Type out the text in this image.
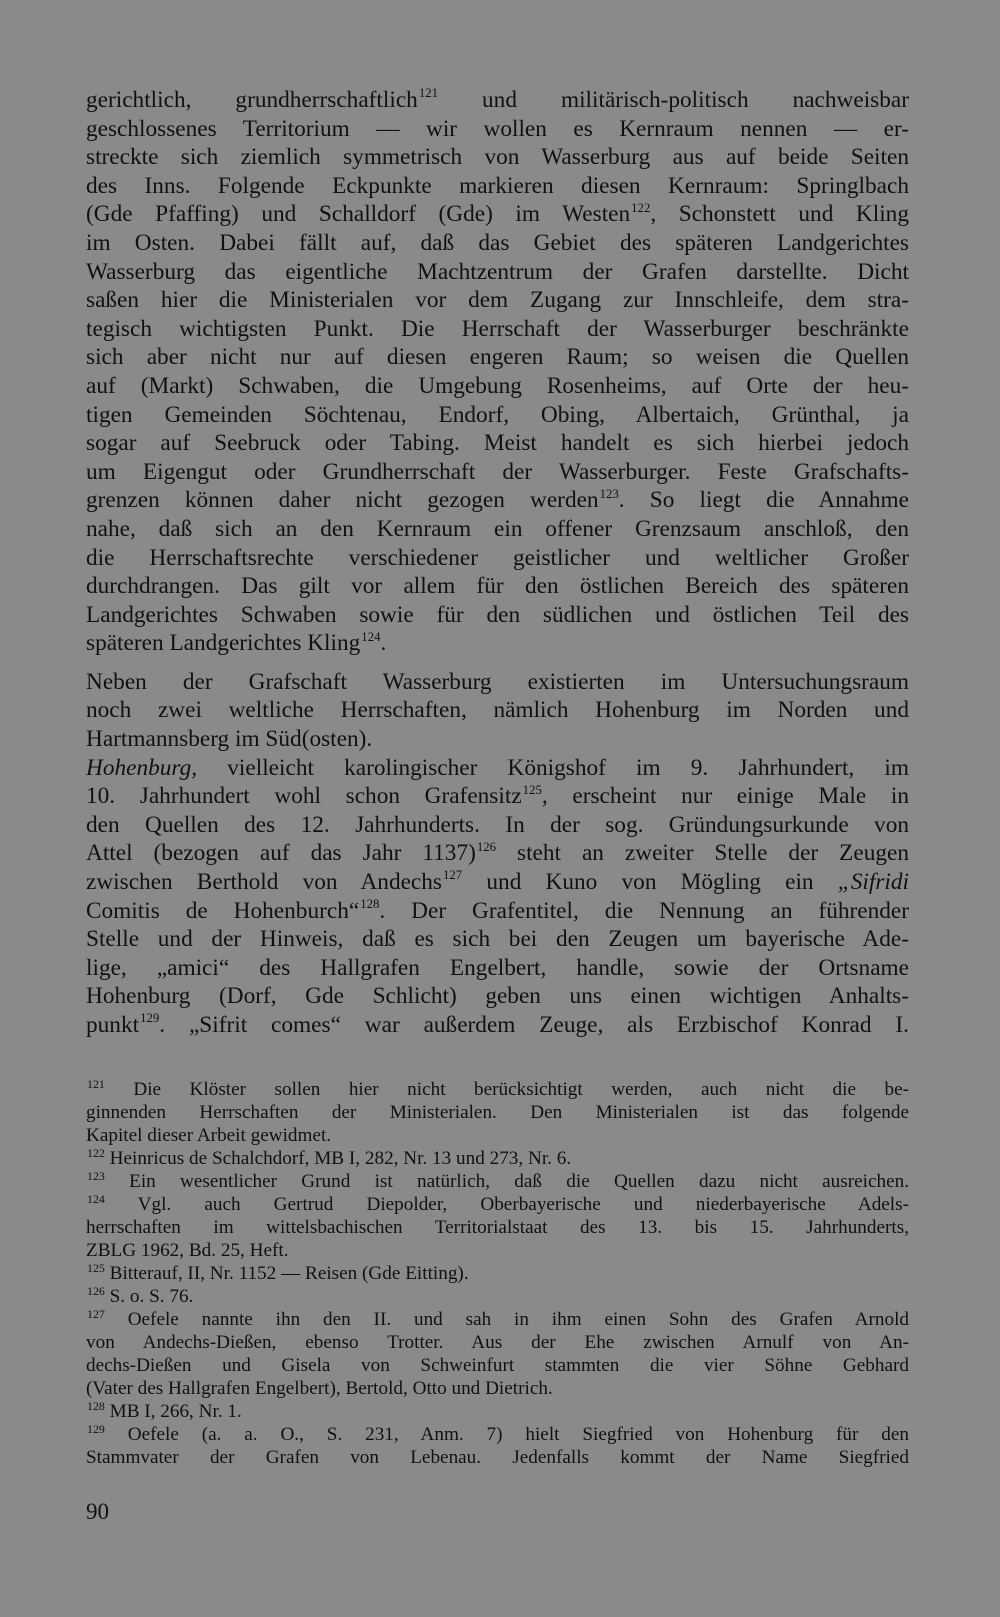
gerichtlich, grundherrschaftlich$^{121}$ und militärisch-politisch nachweisbar
geschlossenes Territorium — wir wollen es Kernraum nennen — er-
streckte sich ziemlich symmetrisch von Wasserburg aus auf beide Seiten
des Inns. Folgende Eckpunkte markieren diesen Kernraum: Springlbach
(Gde Pfaffing) und Schalldorf (Gde) im Westen$^{122}$, Schonstett und Kling
im Osten. Dabei fällt auf, daß das Gebiet des späteren Landgerichtes
Wasserburg das eigentliche Machtzentrum der Grafen darstellte. Dicht
saßen hier die Ministerialen vor dem Zugang zur Innschleife, dem stra-
tegisch wichtigsten Punkt. Die Herrschaft der Wasserburger beschränkte
sich aber nicht nur auf diesen engeren Raum; so weisen die Quellen
auf (Markt) Schwaben, die Umgebung Rosenheims, auf Orte der heu-
tigen Gemeinden Söchtenau, Endorf, Obing, Albertaich, Grünthal, ja
sogar auf Seebruck oder Tabing. Meist handelt es sich hierbei jedoch
um Eigengut oder Grundherrschaft der Wasserburger. Feste Grafschafts-
grenzen können daher nicht gezogen werden$^{123}$. So liegt die Annahme
nahe, daß sich an den Kernraum ein offener Grenzsaum anschloß, den
die Herrschaftsrechte verschiedener geistlicher und weltlicher Großer
durchdrangen. Das gilt vor allem für den östlichen Bereich des späteren
Landgerichtes Schwaben sowie für den südlichen und östlichen Teil des
späteren Landgerichtes Kling$^{124}$.
Neben der Grafschaft Wasserburg existierten im Untersuchungsraum
noch zwei weltliche Herrschaften, nämlich Hohenburg im Norden und
Hartmannsberg im Süd(osten).
Hohenburg, vielleicht karolingischer Königshof im 9. Jahrhundert, im
10. Jahrhundert wohl schon Grafensitz$^{125}$, erscheint nur einige Male in
den Quellen des 12. Jahrhunderts. In der sog. Gründungsurkunde von
Attel (bezogen auf das Jahr 1137)$^{126}$ steht an zweiter Stelle der Zeugen
zwischen Berthold von Andechs$^{127}$ und Kuno von Mögling ein „Sifridi
Comitis de Hohenburch“$^{128}$. Der Grafentitel, die Nennung an führender
Stelle und der Hinweis, daß es sich bei den Zeugen um bayerische Ade-
lige, „amici“ des Hallgrafen Engelbert, handle, sowie der Ortsname
Hohenburg (Dorf, Gde Schlicht) geben uns einen wichtigen Anhalts-
punkt$^{129}$. „Sifrit comes“ war außerdem Zeuge, als Erzbischof Konrad I.
$^{121}$ Die Klöster sollen hier nicht berücksichtigt werden, auch nicht die be-
ginnenden Herrschaften der Ministerialen. Den Ministerialen ist das folgende
Kapitel dieser Arbeit gewidmet.
$^{122}$ Heinricus de Schalchdorf, MB I, 282, Nr. 13 und 273, Nr. 6.
$^{123}$ Ein wesentlicher Grund ist natürlich, daß die Quellen dazu nicht ausreichen.
$^{124}$ Vgl. auch Gertrud Diepolder, Oberbayerische und niederbayerische Adels-
herrschaften im wittelsbachischen Territorialstaat des 13. bis 15. Jahrhunderts,
ZBLG 1962, Bd. 25, Heft.
$^{125}$ Bitterauf, II, Nr. 1152 — Reisen (Gde Eitting).
$^{126}$ S. o. S. 76.
$^{127}$ Oefele nannte ihn den II. und sah in ihm einen Sohn des Grafen Arnold
von Andechs-Dießen, ebenso Trotter. Aus der Ehe zwischen Arnulf von An-
dechs-Dießen und Gisela von Schweinfurt stammten die vier Söhne Gebhard
(Vater des Hallgrafen Engelbert), Bertold, Otto und Dietrich.
$^{128}$ MB I, 266, Nr. 1.
$^{129}$ Oefele (a. a. O., S. 231, Anm. 7) hielt Siegfried von Hohenburg für den
Stammvater der Grafen von Lebenau. Jedenfalls kommt der Name Siegfried
90
